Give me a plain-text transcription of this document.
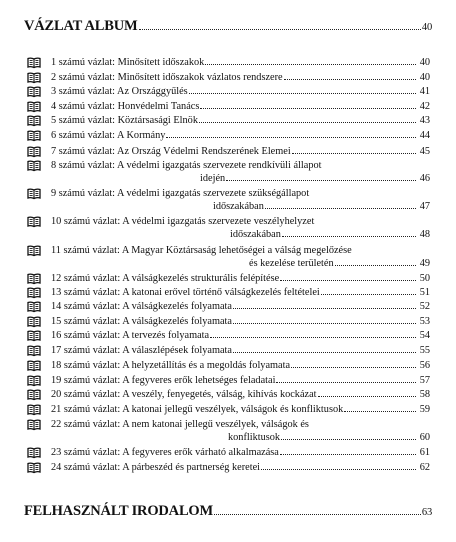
VÁZLAT ALBUM	40
1 számú vázlat: Minősített időszakok	40
2 számú vázlat: Minősített időszakok vázlatos rendszere	40
3 számú vázlat: Az Országgyűlés	41
4 számú vázlat: Honvédelmi Tanács	42
5 számú vázlat: Köztársasági Elnök	43
6 számú vázlat: A Kormány	44
7 számú vázlat: Az Ország Védelmi Rendszerének Elemei	45
8 számú vázlat: A védelmi igazgatás szervezete rendkívüli állapot
idején	46
9 számú vázlat: A védelmi igazgatás szervezete szükségállapot
időszakában	47
10 számú vázlat: A védelmi igazgatás szervezete veszélyhelyzet
időszakában	48
11 számú vázlat: A Magyar Köztársaság lehetőségei a válság megelőzése
és kezelése területén	49
12 számú vázlat: A válságkezelés strukturális felépítése	50
13 számú vázlat: A katonai erővel történő válságkezelés feltételei	51
14 számú vázlat: A válságkezelés folyamata	52
15 számú vázlat: A válságkezelés folyamata	53
16 számú vázlat: A tervezés folyamata	54
17 számú vázlat: A válaszlépések folyamata	55
18 számú vázlat: A helyzetállítás és a megoldás folyamata	56
19 számú vázlat: A fegyveres erők lehetséges feladatai	57
20 számú vázlat: A veszély, fenyegetés, válság, kihívás kockázat	58
21 számú vázlat: A katonai jellegű veszélyek, válságok és konfliktusok	59
22 számú vázlat: A nem katonai jellegű veszélyek, válságok és
konfliktusok	60
23 számú vázlat: A fegyveres erők várható alkalmazása	61
24 számú vázlat: A párbeszéd és partnerség keretei	62
FELHASZNÁLT IRODALOM	63
